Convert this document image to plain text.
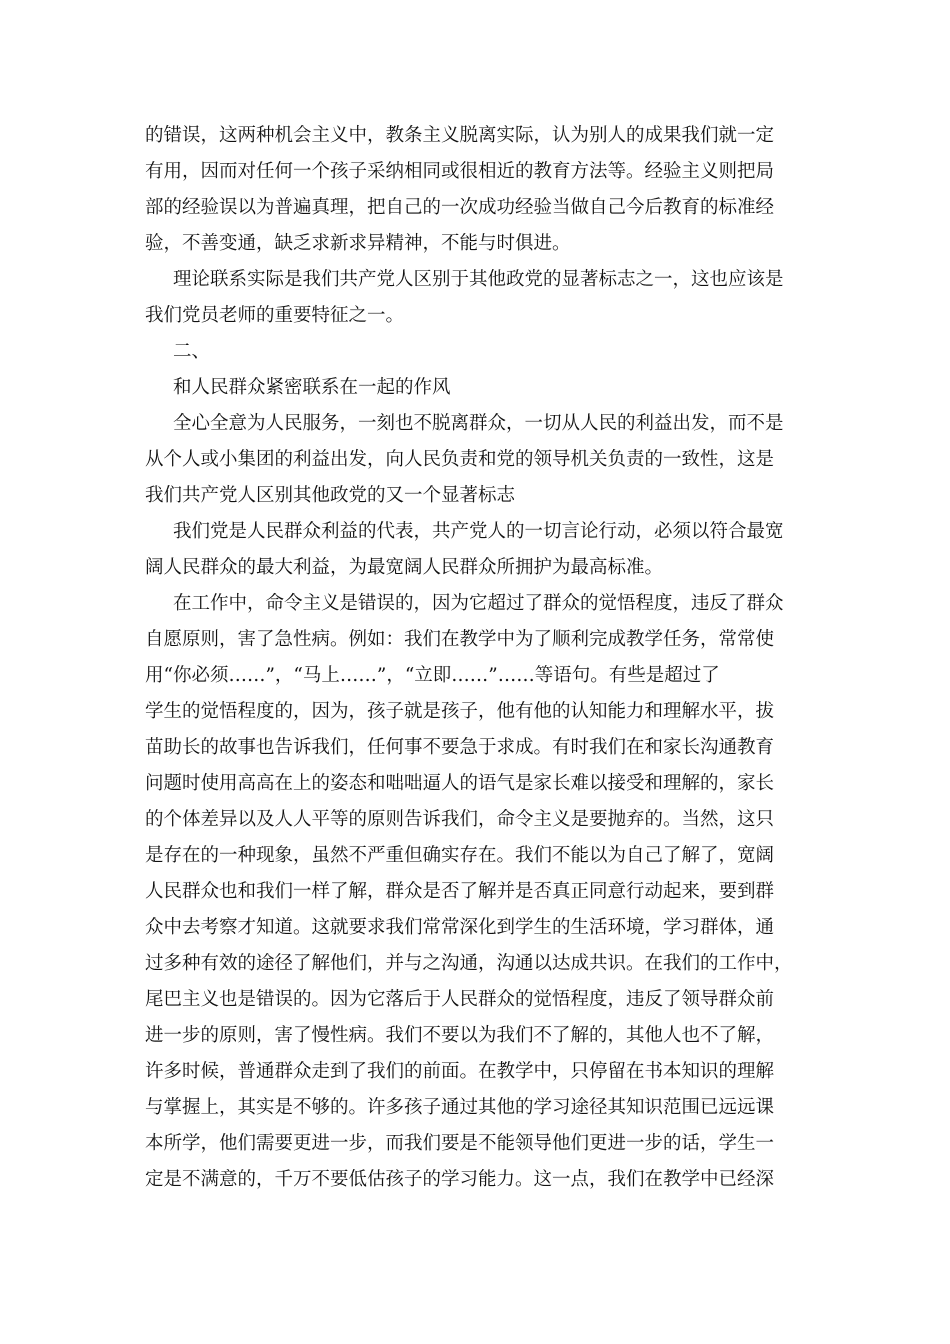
的错误，这两种机会主义中，教条主义脱离实际，认为别人的成果我们就一定
有用，因而对任何一个孩子采纳相同或很相近的教育方法等。经验主义则把局
部的经验误以为普遍真理，把自己的一次成功经验当做自己今后教育的标准经
验，不善变通，缺乏求新求异精神，不能与时俱进。
理论联系实际是我们共产党人区别于其他政党的显著标志之一，这也应该是
我们党员老师的重要特征之一。
二、
和人民群众紧密联系在一起的作风
全心全意为人民服务，一刻也不脱离群众，一切从人民的利益出发，而不是
从个人或小集团的利益出发，向人民负责和党的领导机关负责的一致性，这是
我们共产党人区别其他政党的又一个显著标志
我们党是人民群众利益的代表，共产党人的一切言论行动，必须以符合最宽
阔人民群众的最大利益，为最宽阔人民群众所拥护为最高标准。
在工作中，命令主义是错误的，因为它超过了群众的觉悟程度，违反了群众
自愿原则，害了急性病。例如：我们在教学中为了顺利完成教学任务，常常使
用“你必须……”，“马上……”，“立即……”……等语句。有些是超过了
学生的觉悟程度的，因为，孩子就是孩子，他有他的认知能力和理解水平，拔
苗助长的故事也告诉我们，任何事不要急于求成。有时我们在和家长沟通教育
问题时使用高高在上的姿态和咄咄逼人的语气是家长难以接受和理解的，家长
的个体差异以及人人平等的原则告诉我们，命令主义是要抛弃的。当然，这只
是存在的一种现象，虽然不严重但确实存在。我们不能以为自己了解了，宽阔
人民群众也和我们一样了解，群众是否了解并是否真正同意行动起来，要到群
众中去考察才知道。这就要求我们常常深化到学生的生活环境，学习群体，通
过多种有效的途径了解他们，并与之沟通，沟通以达成共识。在我们的工作中，
尾巴主义也是错误的。因为它落后于人民群众的觉悟程度，违反了领导群众前
进一步的原则，害了慢性病。我们不要以为我们不了解的，其他人也不了解，
许多时候，普通群众走到了我们的前面。在教学中，只停留在书本知识的理解
与掌握上，其实是不够的。许多孩子通过其他的学习途径其知识范围已远远课
本所学，他们需要更进一步，而我们要是不能领导他们更进一步的话，学生一
定是不满意的，千万不要低估孩子的学习能力。这一点，我们在教学中已经深
